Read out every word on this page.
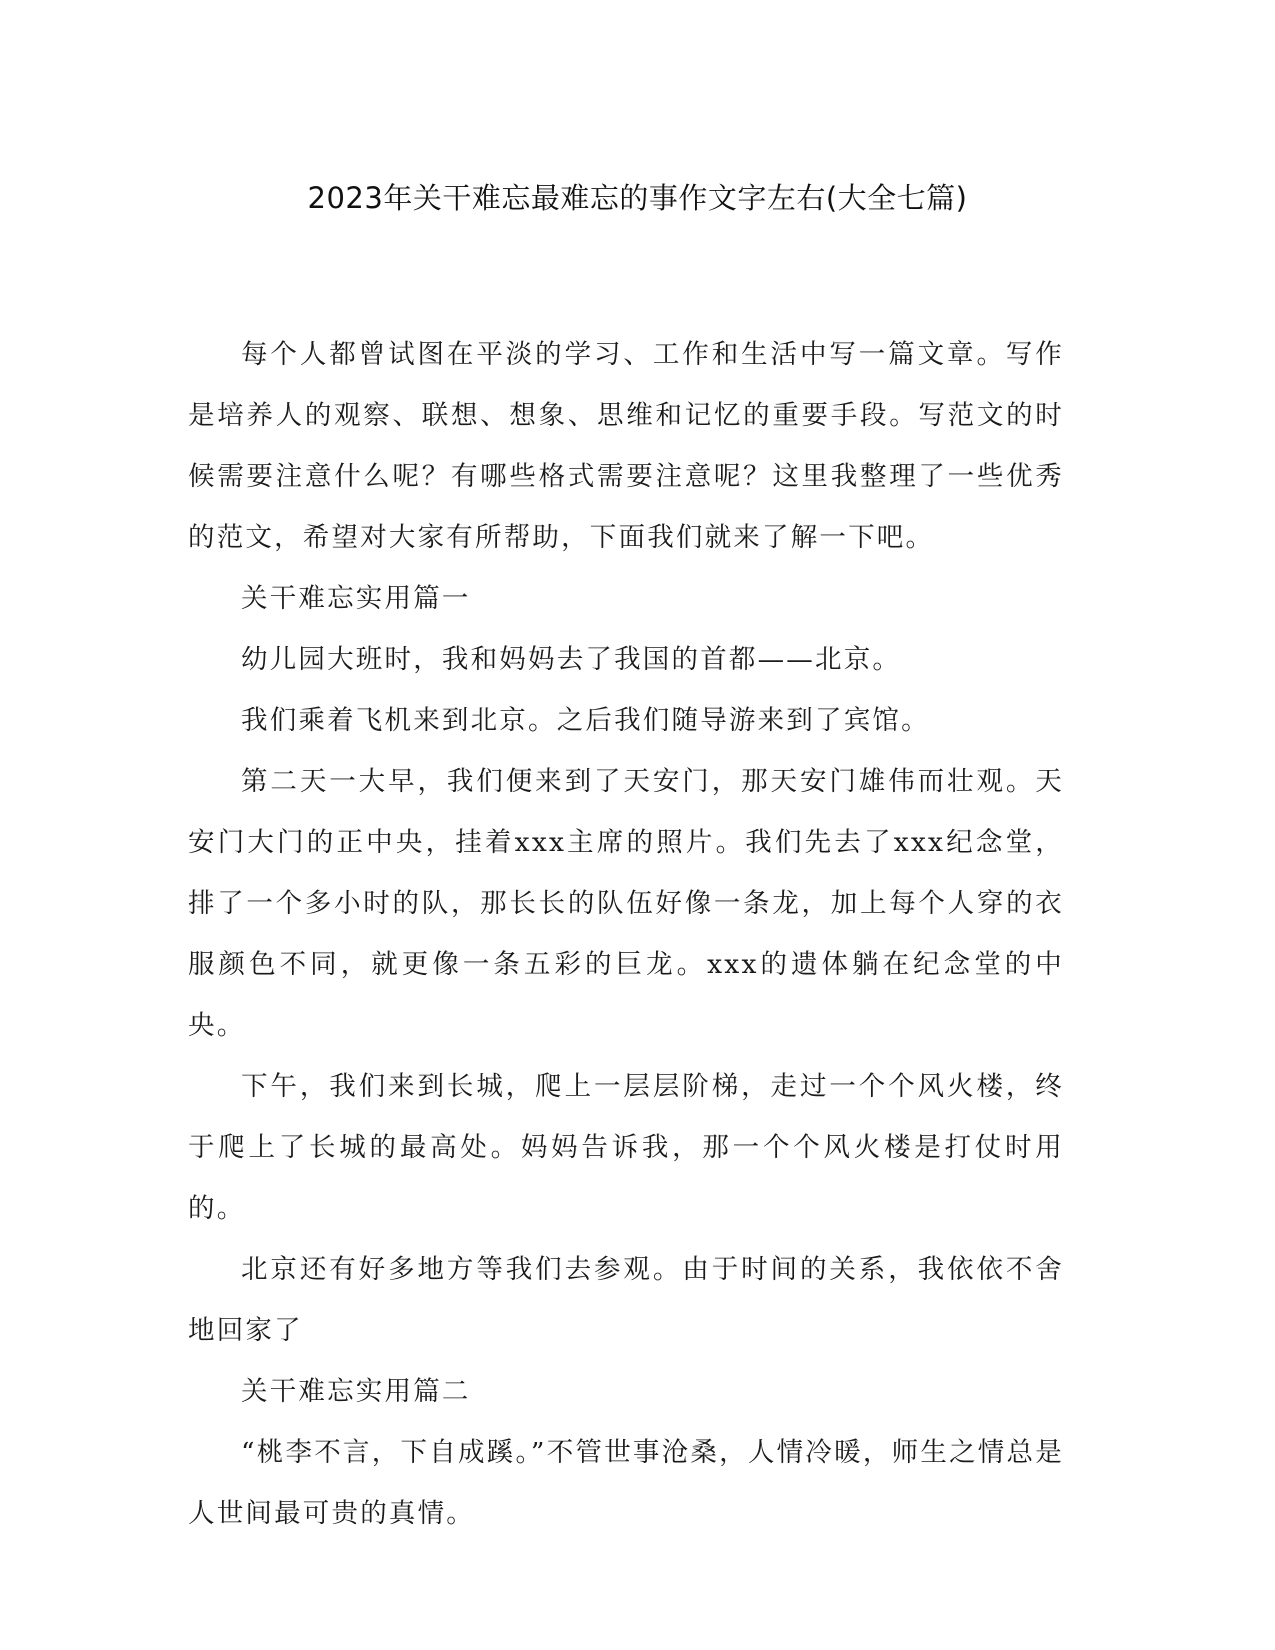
2023年关干难忘最难忘的事作文字左右(大全七篇)

每个人都曾试图在平淡的学习、工作和生活中写一篇文章。写作是培养人的观察、联想、想象、思维和记忆的重要手段。写范文的时候需要注意什么呢？有哪些格式需要注意呢？这里我整理了一些优秀的范文，希望对大家有所帮助，下面我们就来了解一下吧。

关干难忘实用篇一

幼儿园大班时，我和妈妈去了我国的首都——北京。

我们乘着飞机来到北京。之后我们随导游来到了宾馆。

第二天一大早，我们便来到了天安门，那天安门雄伟而壮观。天安门大门的正中央，挂着xxx主席的照片。我们先去了xxx纪念堂，排了一个多小时的队，那长长的队伍好像一条龙，加上每个人穿的衣服颜色不同，就更像一条五彩的巨龙。xxx的遗体躺在纪念堂的中央。

下午，我们来到长城，爬上一层层阶梯，走过一个个风火楼，终于爬上了长城的最高处。妈妈告诉我，那一个个风火楼是打仗时用的。

北京还有好多地方等我们去参观。由于时间的关系，我依依不舍地回家了

关干难忘实用篇二

“桃李不言，下自成蹊。”不管世事沧桑，人情冷暖，师生之情总是人世间最可贵的真情。
